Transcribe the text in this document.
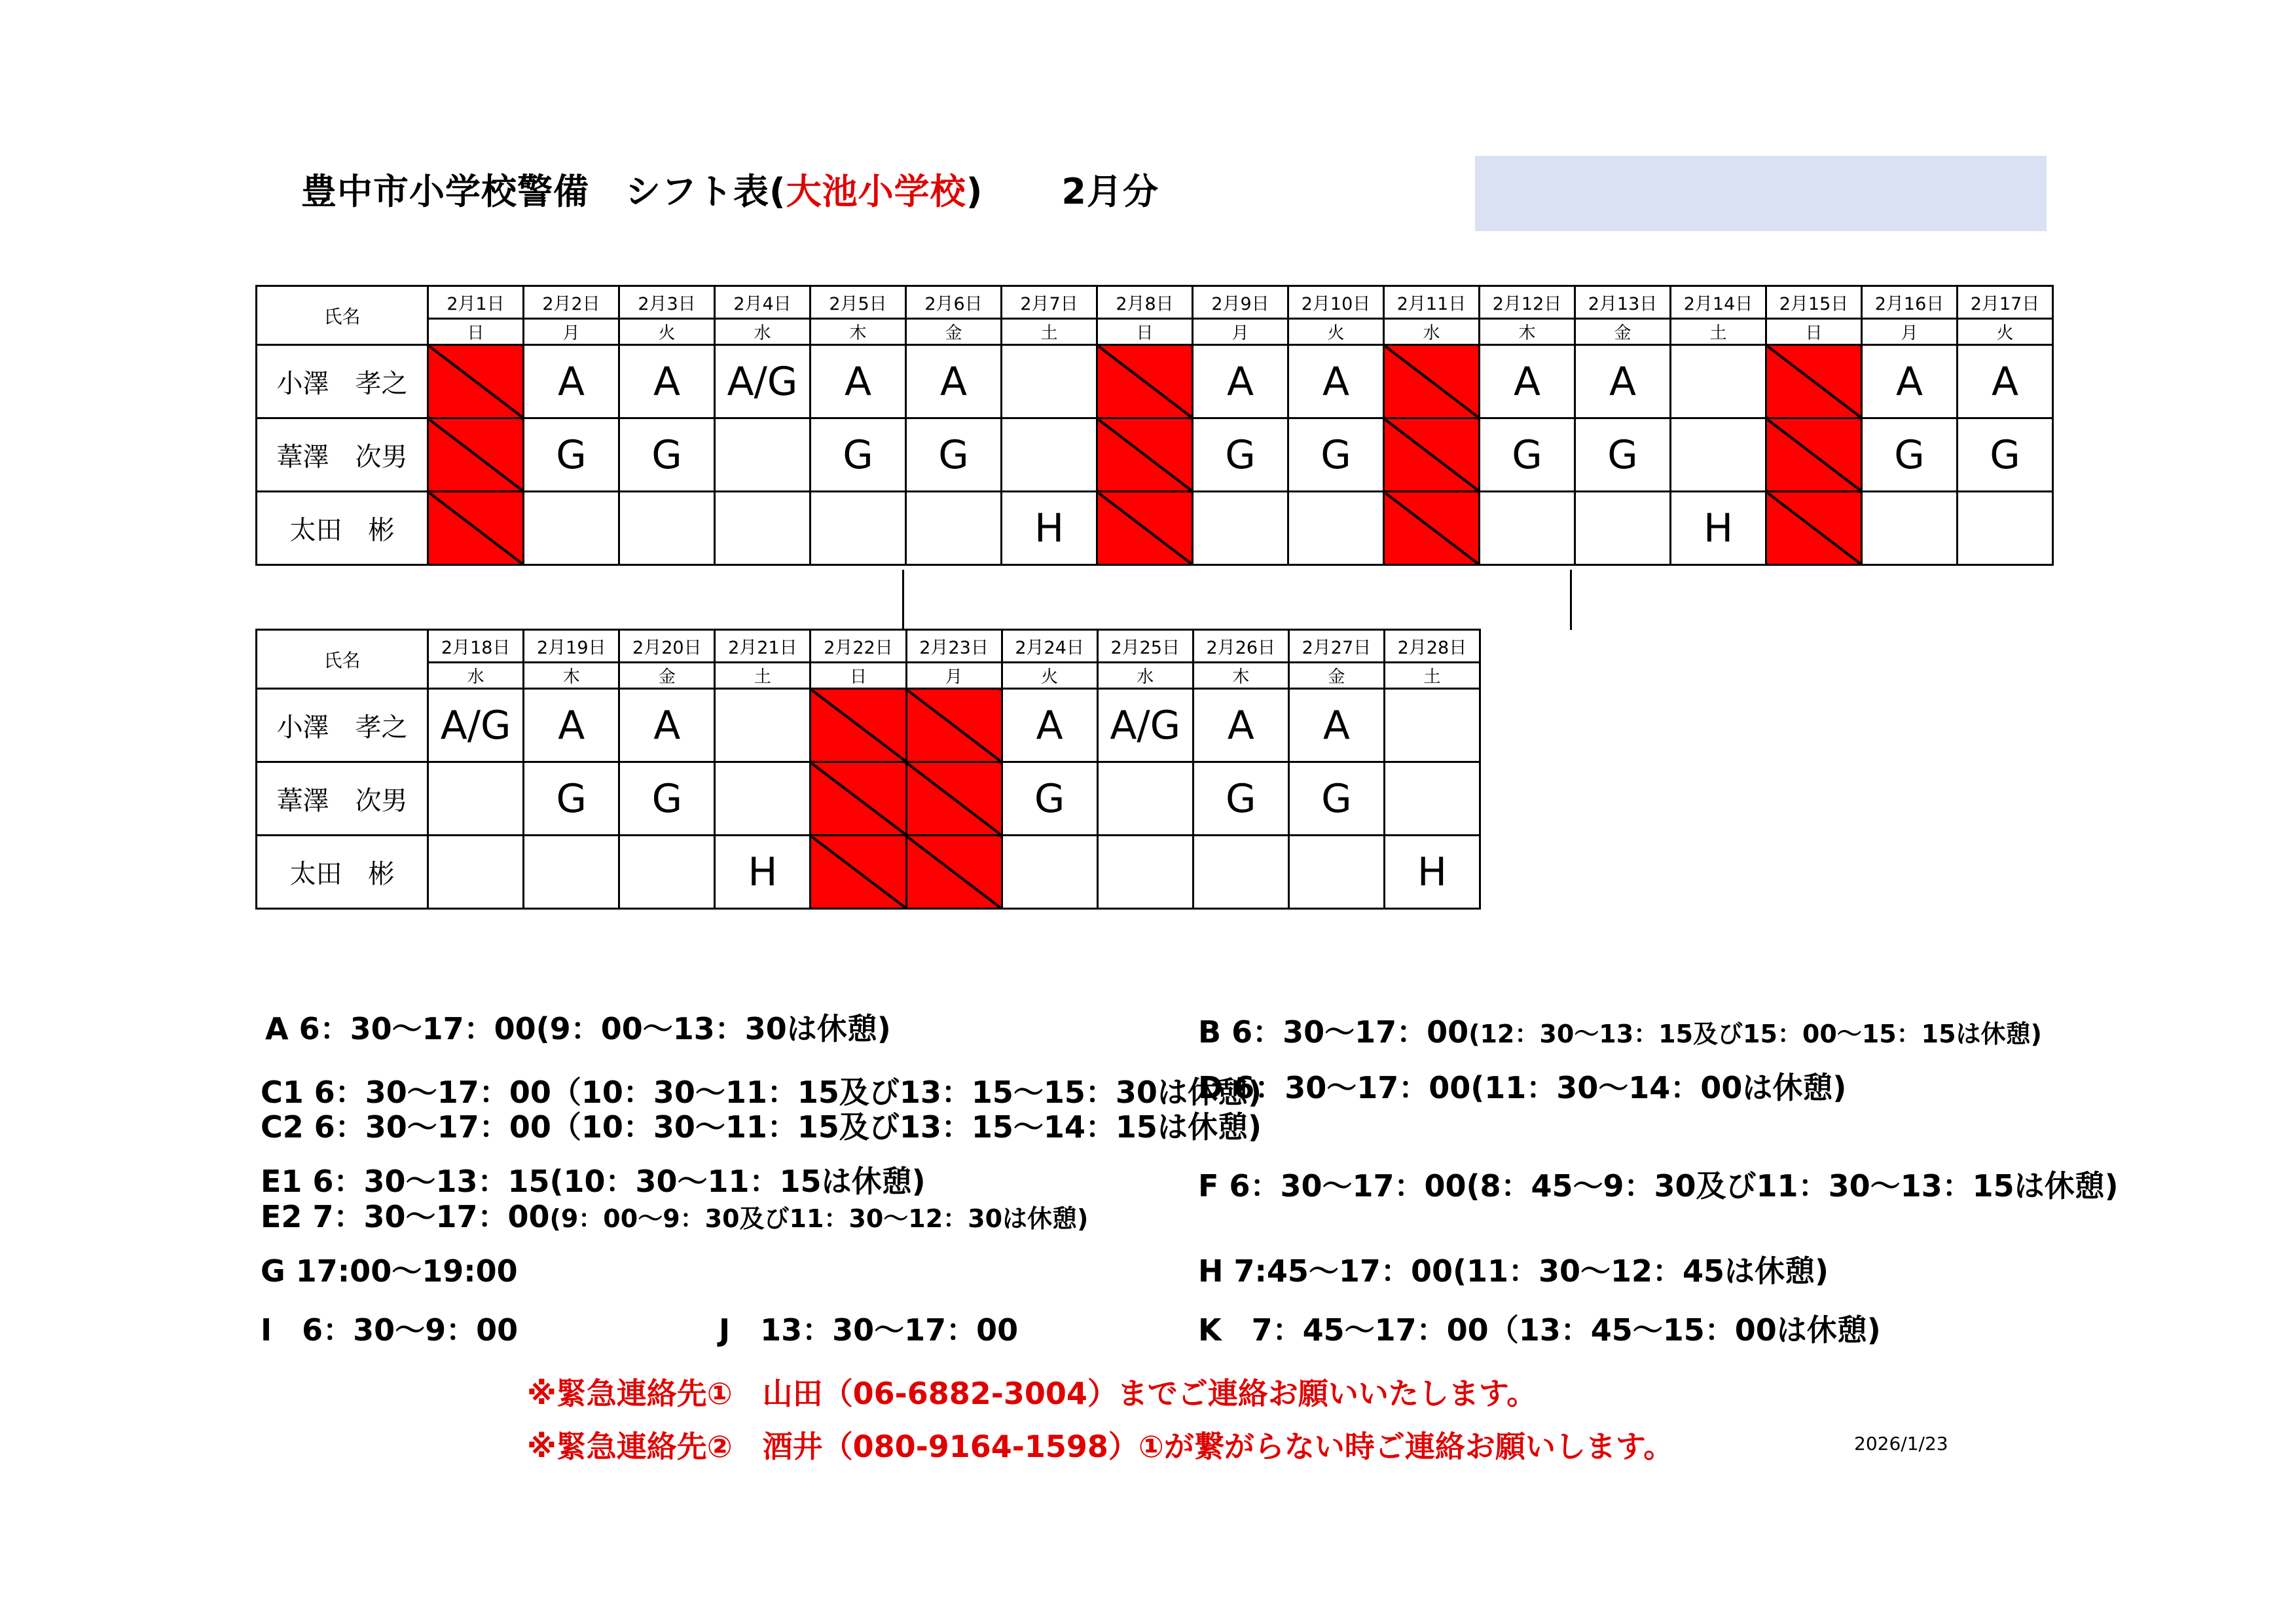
豊中市小学校警備　シフト表(大池小学校) 2月分
氏名	2月1日	2月2日	2月3日	2月4日	2月5日	2月6日	2月7日	2月8日	2月9日	2月10日	2月11日	2月12日	2月13日	2月14日	2月15日	2月16日	2月17日
	日	月	火	水	木	金	土	日	月	火	水	木	金	土	日	月	火
小澤　孝之		A	A	A/G	A	A			A	A		A	A			A	A
葦澤　次男		G	G		G	G			G	G		G	G			G	G
太田　彬							H							H			
氏名	2月18日	2月19日	2月20日	2月21日	2月22日	2月23日	2月24日	2月25日	2月26日	2月27日	2月28日
	水	木	金	土	日	月	火	水	木	金	土
小澤　孝之	A/G	A	A				A	A/G	A	A	
葦澤　次男		G	G				G		G	G	
太田　彬				H							H
A 6：30～17：00(9：00～13：30は休憩)	B 6：30～17：00(12：30～13：15及び15：00～15：15は休憩)
C1 6：30～17：00（10：30～11：15及び13：15～15：30は休憩)
C2 6：30～17：00（10：30～11：15及び13：15～14：15は休憩)
D 6：30～17：00(11：30～14：00は休憩)
E1 6：30～13：15(10：30～11：15は休憩)
E2 7：30～17：00(9：00～9：30及び11：30～12：30は休憩)
F 6：30～17：00(8：45～9：30及び11：30～13：15は休憩)
G 17:00～19:00	H 7:45～17：00(11：30～12：45は休憩)
I　6：30～9：00	J　13：30～17：00	K　7：45～17：00（13：45～15：00は休憩)
※緊急連絡先①　山田（06-6882-3004）までご連絡お願いいたします。
※緊急連絡先②　酒井（080-9164-1598）①が繋がらない時ご連絡お願いします。	2026/1/23
